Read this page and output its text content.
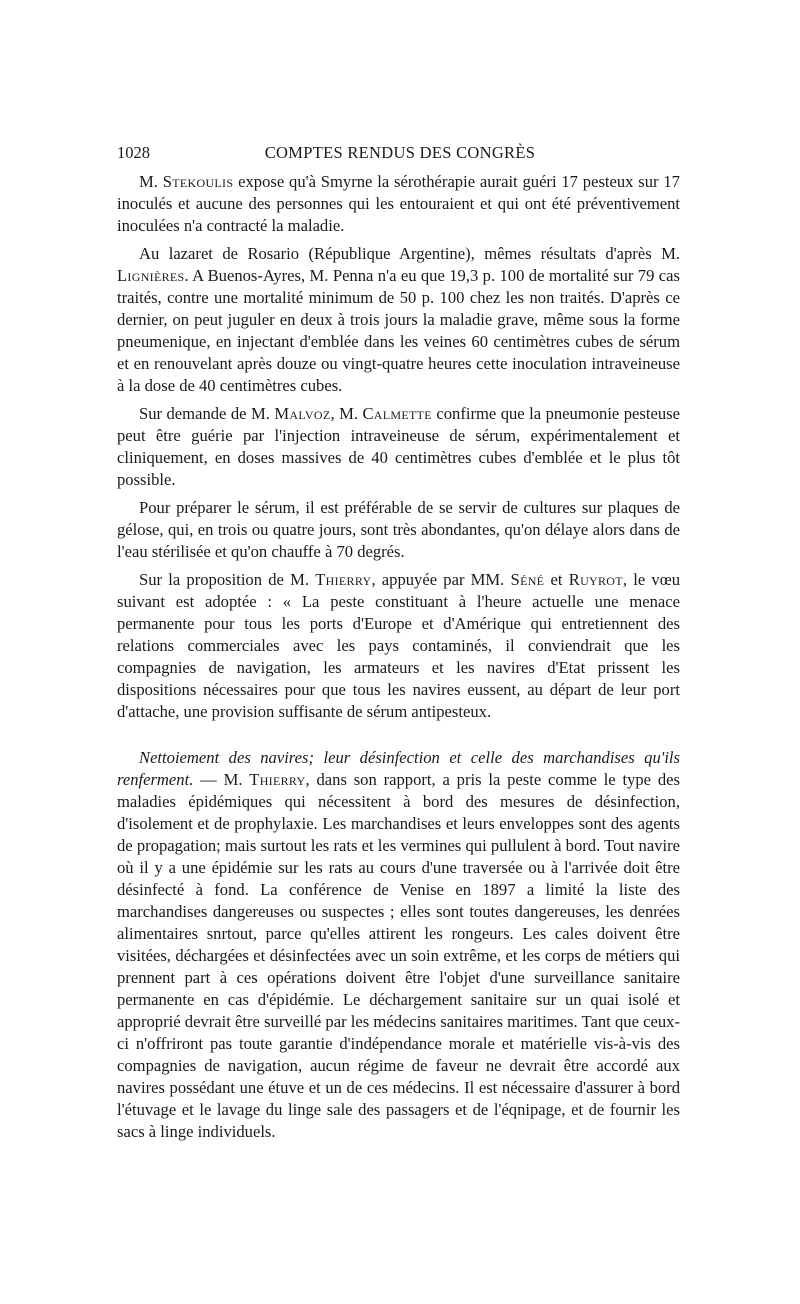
1028	COMPTES RENDUS DES CONGRÈS

M. Stekoulis expose qu'à Smyrne la sérothérapie aurait guéri 17 pesteux sur 17 inoculés et aucune des personnes qui les entouraient et qui ont été préventivement inoculées n'a contracté la maladie.

Au lazaret de Rosario (République Argentine), mêmes résultats d'après M. Lignières. A Buenos-Ayres, M. Penna n'a eu que 19,3 p. 100 de mortalité sur 79 cas traités, contre une mortalité minimum de 50 p. 100 chez les non traités. D'après ce dernier, on peut juguler en deux à trois jours la maladie grave, même sous la forme pneumenique, en injectant d'emblée dans les veines 60 centimètres cubes de sérum et en renouvelant après douze ou vingt-quatre heures cette inoculation intraveineuse à la dose de 40 centimètres cubes.

Sur demande de M. Malvoz, M. Calmette confirme que la pneumonie pesteuse peut être guérie par l'injection intraveineuse de sérum, expérimentalement et cliniquement, en doses massives de 40 centimètres cubes d'emblée et le plus tôt possible.

Pour préparer le sérum, il est préférable de se servir de cultures sur plaques de gélose, qui, en trois ou quatre jours, sont très abondantes, qu'on délaye alors dans de l'eau stérilisée et qu'on chauffe à 70 degrés.

Sur la proposition de M. Thierry, appuyée par MM. Séné et Ruyrot, le vœu suivant est adoptée : « La peste constituant à l'heure actuelle une menace permanente pour tous les ports d'Europe et d'Amérique qui entretiennent des relations commerciales avec les pays contaminés, il conviendrait que les compagnies de navigation, les armateurs et les navires d'Etat prissent les dispositions nécessaires pour que tous les navires eussent, au départ de leur port d'attache, une provision suffisante de sérum antipesteux.

Nettoiement des navires; leur désinfection et celle des marchandises qu'ils renferment. — M. Thierry, dans son rapport, a pris la peste comme le type des maladies épidémiques qui nécessitent à bord des mesures de désinfection, d'isolement et de prophylaxie. Les marchandises et leurs enveloppes sont des agents de propagation; mais surtout les rats et les vermines qui pullulent à bord. Tout navire où il y a une épidémie sur les rats au cours d'une traversée ou à l'arrivée doit être désinfecté à fond. La conférence de Venise en 1897 a limité la liste des marchandises dangereuses ou suspectes ; elles sont toutes dangereuses, les denrées alimentaires snrtout, parce qu'elles attirent les rongeurs. Les cales doivent être visitées, déchargées et désinfectées avec un soin extrême, et les corps de métiers qui prennent part à ces opérations doivent être l'objet d'une surveillance sanitaire permanente en cas d'épidémie. Le déchargement sanitaire sur un quai isolé et approprié devrait être surveillé par les médecins sanitaires maritimes. Tant que ceux-ci n'offriront pas toute garantie d'indépendance morale et matérielle vis-à-vis des compagnies de navigation, aucun régime de faveur ne devrait être accordé aux navires possédant une étuve et un de ces médecins. Il est nécessaire d'assurer à bord l'étuvage et le lavage du linge sale des passagers et de l'éqnipage, et de fournir les sacs à linge individuels.
